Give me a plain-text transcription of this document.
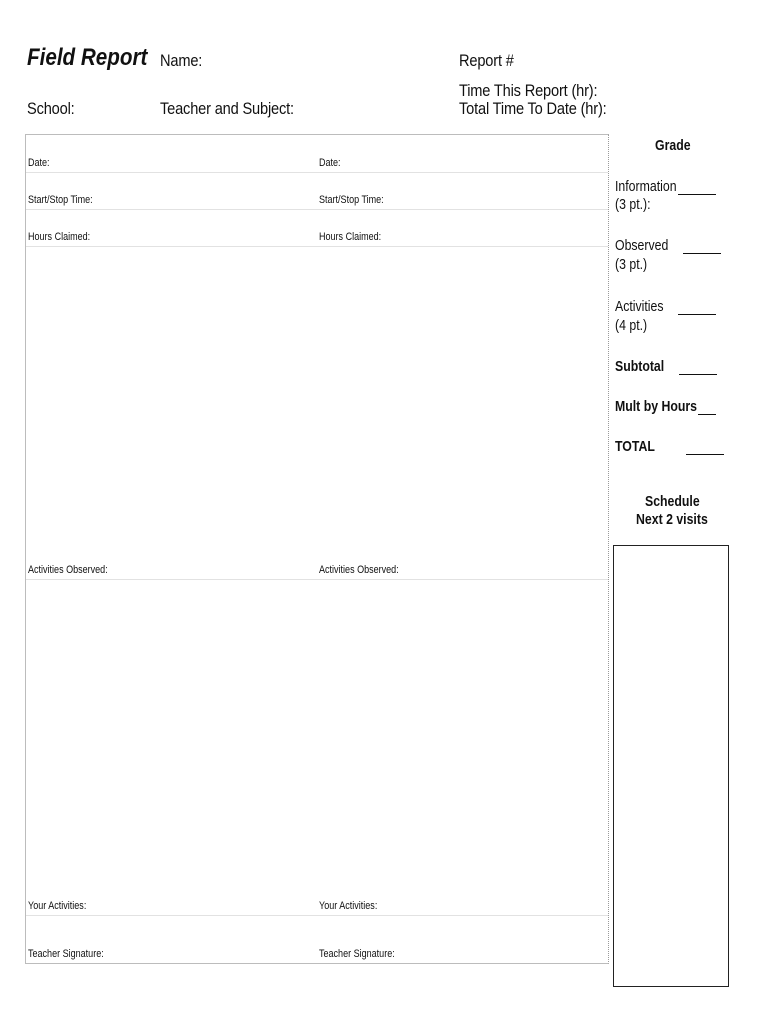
Field Report Name:	Report #
Time This Report (hr):
School:	Teacher and Subject:	Total Time To Date (hr):
Date:
Start/Stop Time:
Hours Claimed:
Activities Observed:
Your Activities:
Teacher Signature:
Date:
Start/Stop Time:
Hours Claimed:
Activities Observed:
Your Activities:
Teacher Signature:
Grade
Information
(3 pt.):
Observed
(3 pt.)
Activities
(4 pt.)
Subtotal
Mult by Hours
TOTAL
Schedule
Next 2 visits
